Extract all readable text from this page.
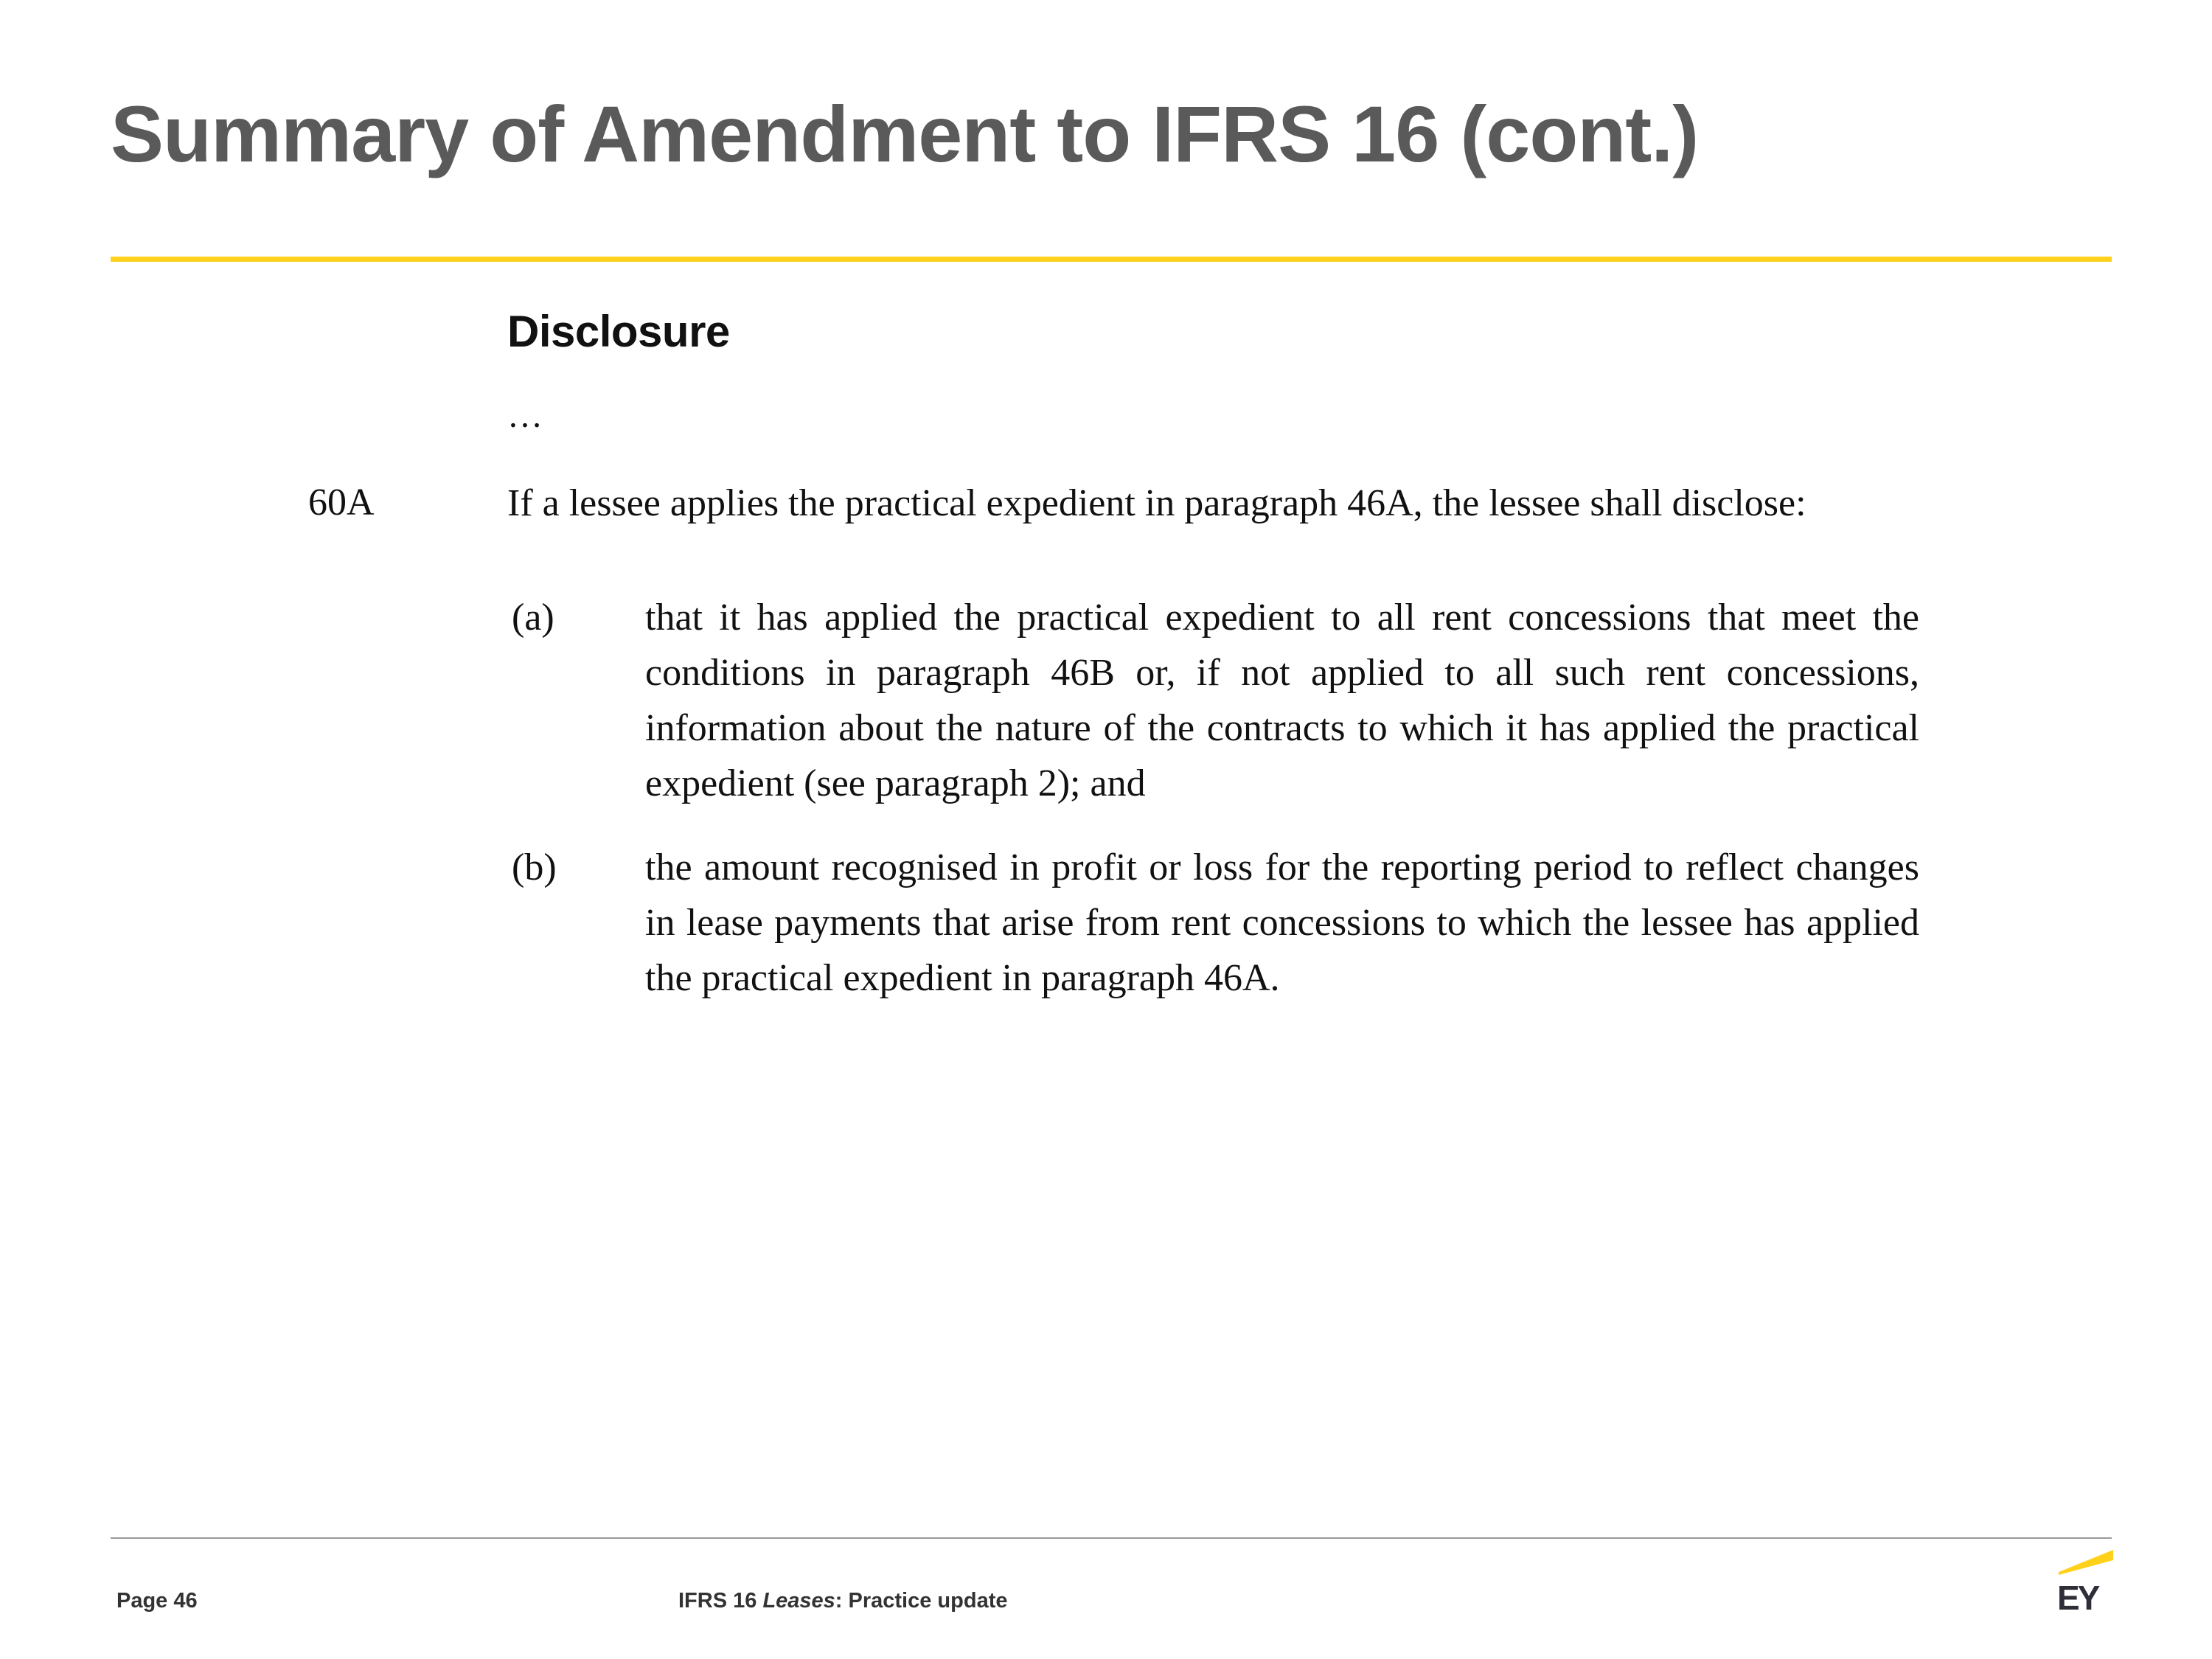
Summary of Amendment to IFRS 16 (cont.)
Disclosure
…
60A	If a lessee applies the practical expedient in paragraph 46A, the lessee shall disclose:
(a) that it has applied the practical expedient to all rent concessions that meet the conditions in paragraph 46B or, if not applied to all such rent concessions, information about the nature of the contracts to which it has applied the practical expedient (see paragraph 2); and
(b) the amount recognised in profit or loss for the reporting period to reflect changes in lease payments that arise from rent concessions to which the lessee has applied the practical expedient in paragraph 46A.
Page 46	IFRS 16 Leases: Practice update	EY
